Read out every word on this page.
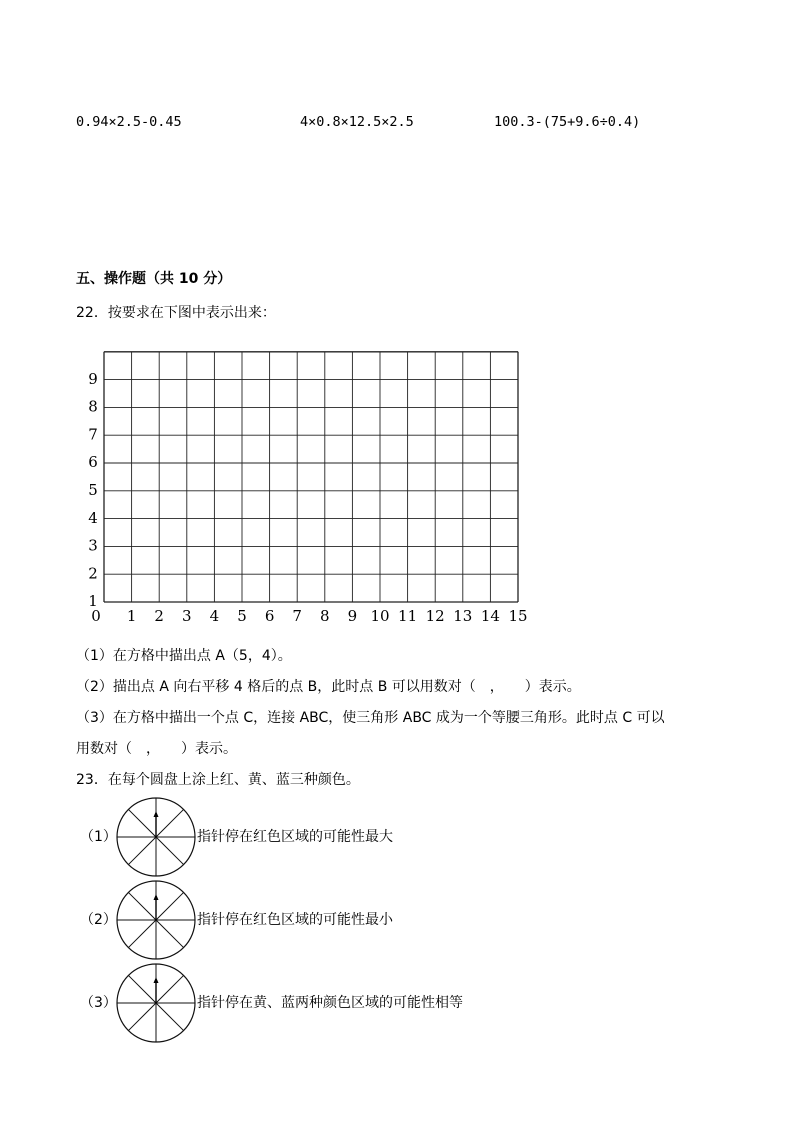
0.94×2.5-0.45	4×0.8×12.5×2.5	100.3-(75+9.6÷0.4)
五、操作题（共 10 分）
22．按要求在下图中表示出来：
0 1 2 3 4 5 6 7 8 9 10 11 12 13 14 15
1
2
3
4
5
6
7
8
9
（1）在方格中描出点 A（5，4）。
（2）描出点 A 向右平移 4 格后的点 B，此时点 B 可以用数对（　，　　）表示。
（3）在方格中描出一个点 C，连接 ABC，使三角形 ABC 成为一个等腰三角形。此时点 C 可以
用数对（　，　　）表示。
23．在每个圆盘上涂上红、黄、蓝三种颜色。
（1）
（2）
（3）
指针停在红色区域的可能性最大
指针停在红色区域的可能性最小
指针停在黄、蓝两种颜色区域的可能性相等
